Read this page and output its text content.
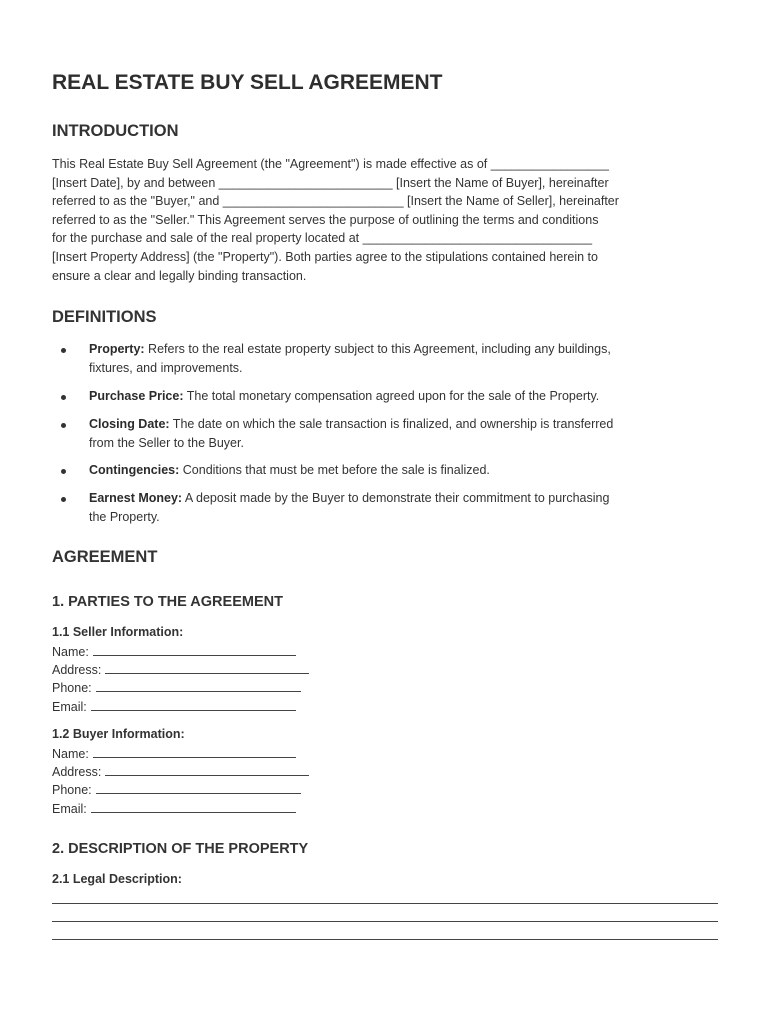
REAL ESTATE BUY SELL AGREEMENT
INTRODUCTION
This Real Estate Buy Sell Agreement (the "Agreement") is made effective as of _________________
[Insert Date], by and between _________________________ [Insert the Name of Buyer], hereinafter
referred to as the "Buyer," and __________________________ [Insert the Name of Seller], hereinafter
referred to as the "Seller." This Agreement serves the purpose of outlining the terms and conditions
for the purchase and sale of the real property located at _________________________________
[Insert Property Address] (the "Property"). Both parties agree to the stipulations contained herein to
ensure a clear and legally binding transaction.
DEFINITIONS
Property: Refers to the real estate property subject to this Agreement, including any buildings,
fixtures, and improvements.
Purchase Price: The total monetary compensation agreed upon for the sale of the Property.
Closing Date: The date on which the sale transaction is finalized, and ownership is transferred
from the Seller to the Buyer.
Contingencies: Conditions that must be met before the sale is finalized.
Earnest Money: A deposit made by the Buyer to demonstrate their commitment to purchasing
the Property.
AGREEMENT
1. PARTIES TO THE AGREEMENT
1.1 Seller Information:
Name:
Address:
Phone:
Email:
1.2 Buyer Information:
Name:
Address:
Phone:
Email:
2. DESCRIPTION OF THE PROPERTY
2.1 Legal Description:
